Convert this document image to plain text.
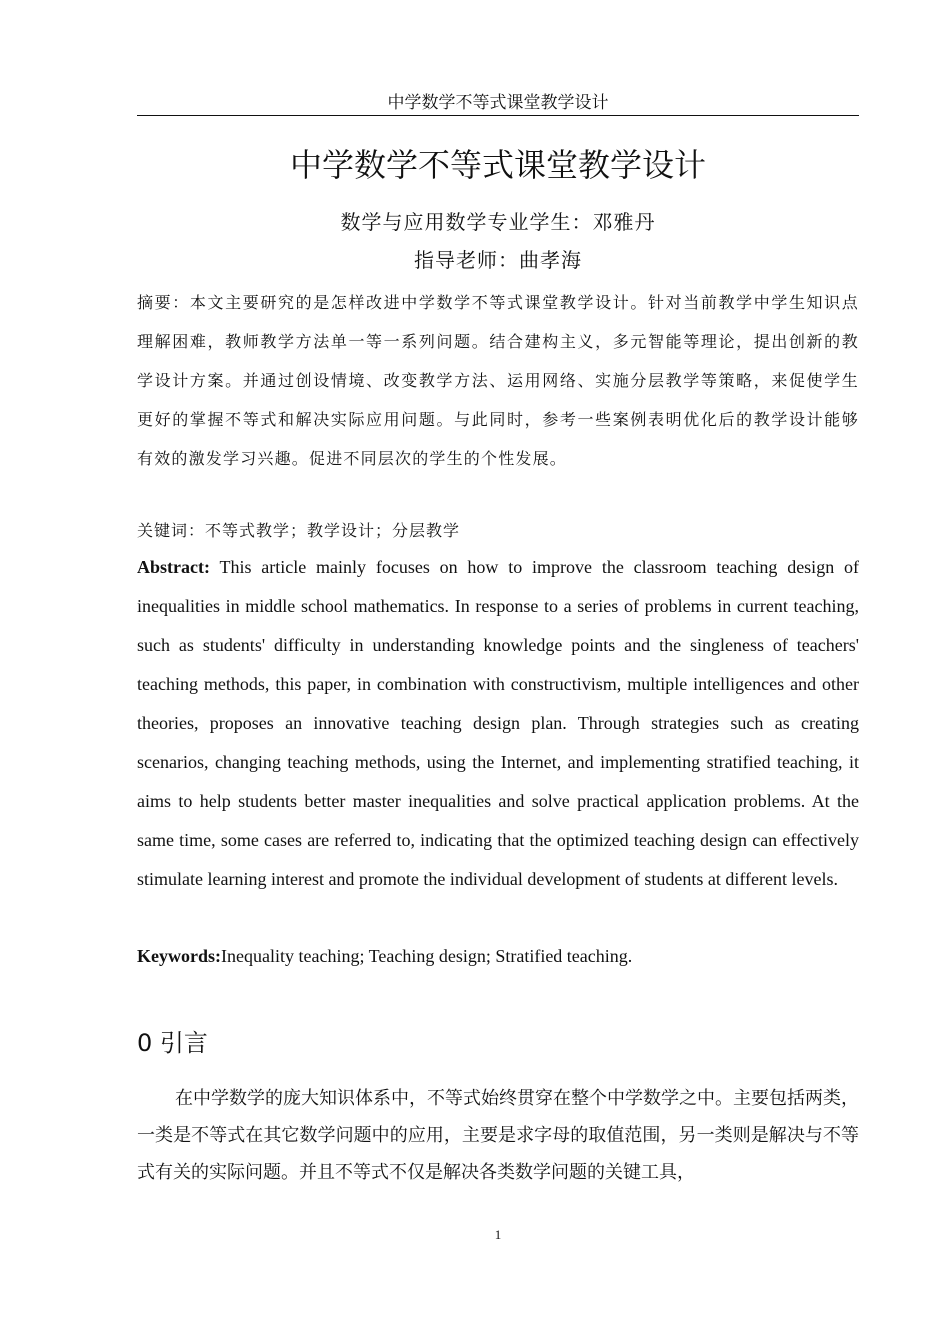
中学数学不等式课堂教学设计
中学数学不等式课堂教学设计
数学与应用数学专业学生：邓雅丹
指导老师：曲孝海
摘要：本文主要研究的是怎样改进中学数学不等式课堂教学设计。针对当前教学中学生知识点理解困难，教师教学方法单一等一系列问题。结合建构主义，多元智能等理论，提出创新的教学设计方案。并通过创设情境、改变教学方法、运用网络、实施分层教学等策略，来促使学生更好的掌握不等式和解决实际应用问题。与此同时，参考一些案例表明优化后的教学设计能够有效的激发学习兴趣。促进不同层次的学生的个性发展。
关键词：不等式教学；教学设计；分层教学
Abstract: This article mainly focuses on how to improve the classroom teaching design of inequalities in middle school mathematics. In response to a series of problems in current teaching, such as students' difficulty in understanding knowledge points and the singleness of teachers' teaching methods, this paper, in combination with constructivism, multiple intelligences and other theories, proposes an innovative teaching design plan. Through strategies such as creating scenarios, changing teaching methods, using the Internet, and implementing stratified teaching, it aims to help students better master inequalities and solve practical application problems. At the same time, some cases are referred to, indicating that the optimized teaching design can effectively stimulate learning interest and promote the individual development of students at different levels.
Keywords:Inequality teaching; Teaching design; Stratified teaching.
0 引言

在中学数学的庞大知识体系中，不等式始终贯穿在整个中学数学之中。主要包括两类，一类是不等式在其它数学问题中的应用，主要是求字母的取值范围，另一类则是解决与不等式有关的实际问题。并且不等式不仅是解决各类数学问题的关键工具，

1
